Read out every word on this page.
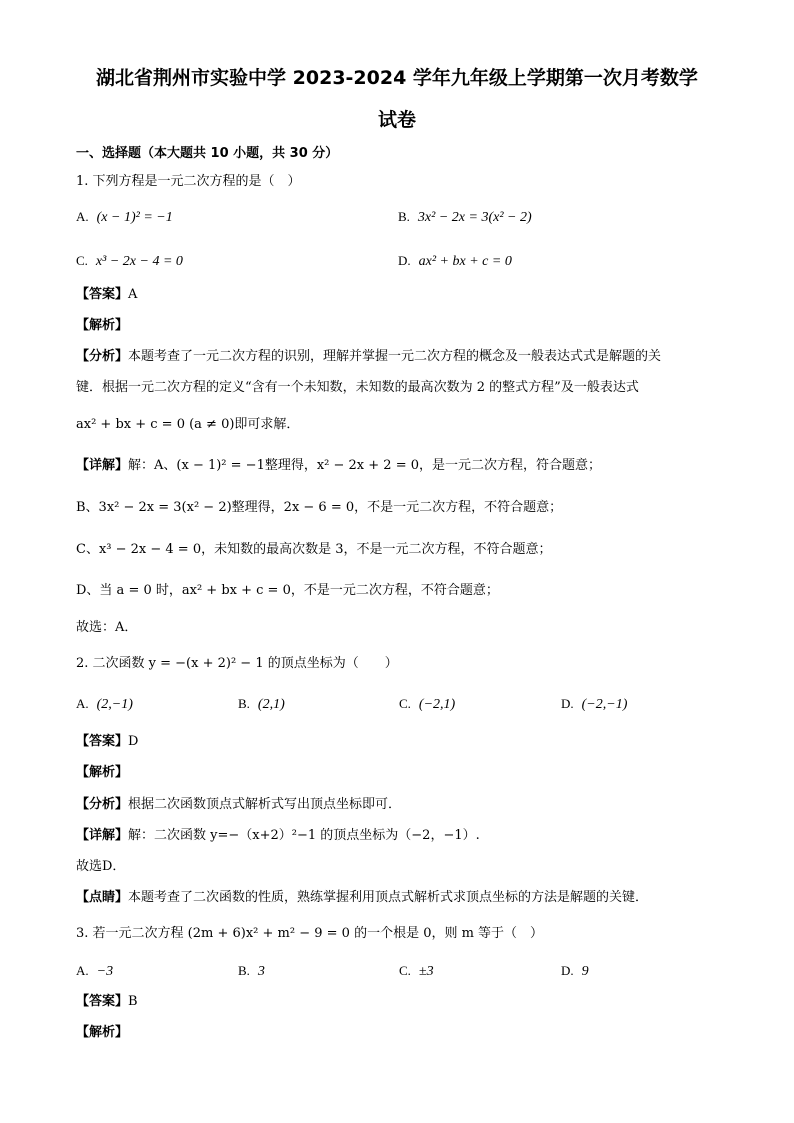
湖北省荆州市实验中学 2023-2024 学年九年级上学期第一次月考数学
试卷
一、选择题（本大题共 10 小题，共 30 分）
1. 下列方程是一元二次方程的是（　）
A. (x − 1)² = −1	B. 3x² − 2x = 3(x² − 2)
C. x³ − 2x − 4 = 0	D. ax² + bx + c = 0
【答案】A
【解析】
【分析】本题考查了一元二次方程的识别，理解并掌握一元二次方程的概念及一般表达式式是解题的关
键．根据一元二次方程的定义“含有一个未知数，未知数的最高次数为 2 的整式方程”及一般表达式
ax² + bx + c = 0 (a ≠ 0)即可求解．
【详解】解：A、(x − 1)² = −1整理得，x² − 2x + 2 = 0，是一元二次方程，符合题意；
B、3x² − 2x = 3(x² − 2)整理得，2x − 6 = 0，不是一元二次方程，不符合题意；
C、x³ − 2x − 4 = 0，未知数的最高次数是 3，不是一元二次方程，不符合题意；
D、当 a = 0 时，ax² + bx + c = 0，不是一元二次方程，不符合题意；
故选：A．
2. 二次函数 y = −(x + 2)² − 1 的顶点坐标为（　　）
A. (2,−1)	B. (2,1)	C. (−2,1)	D. (−2,−1)
【答案】D
【解析】
【分析】根据二次函数顶点式解析式写出顶点坐标即可．
【详解】解：二次函数 y=−（x+2）²−1 的顶点坐标为（−2，−1）.
故选D．
【点睛】本题考查了二次函数的性质，熟练掌握利用顶点式解析式求顶点坐标的方法是解题的关键．
3. 若一元二次方程 (2m + 6)x² + m² − 9 = 0 的一个根是 0，则 m 等于（　）
A. −3	B. 3	C. ±3	D. 9
【答案】B
【解析】
